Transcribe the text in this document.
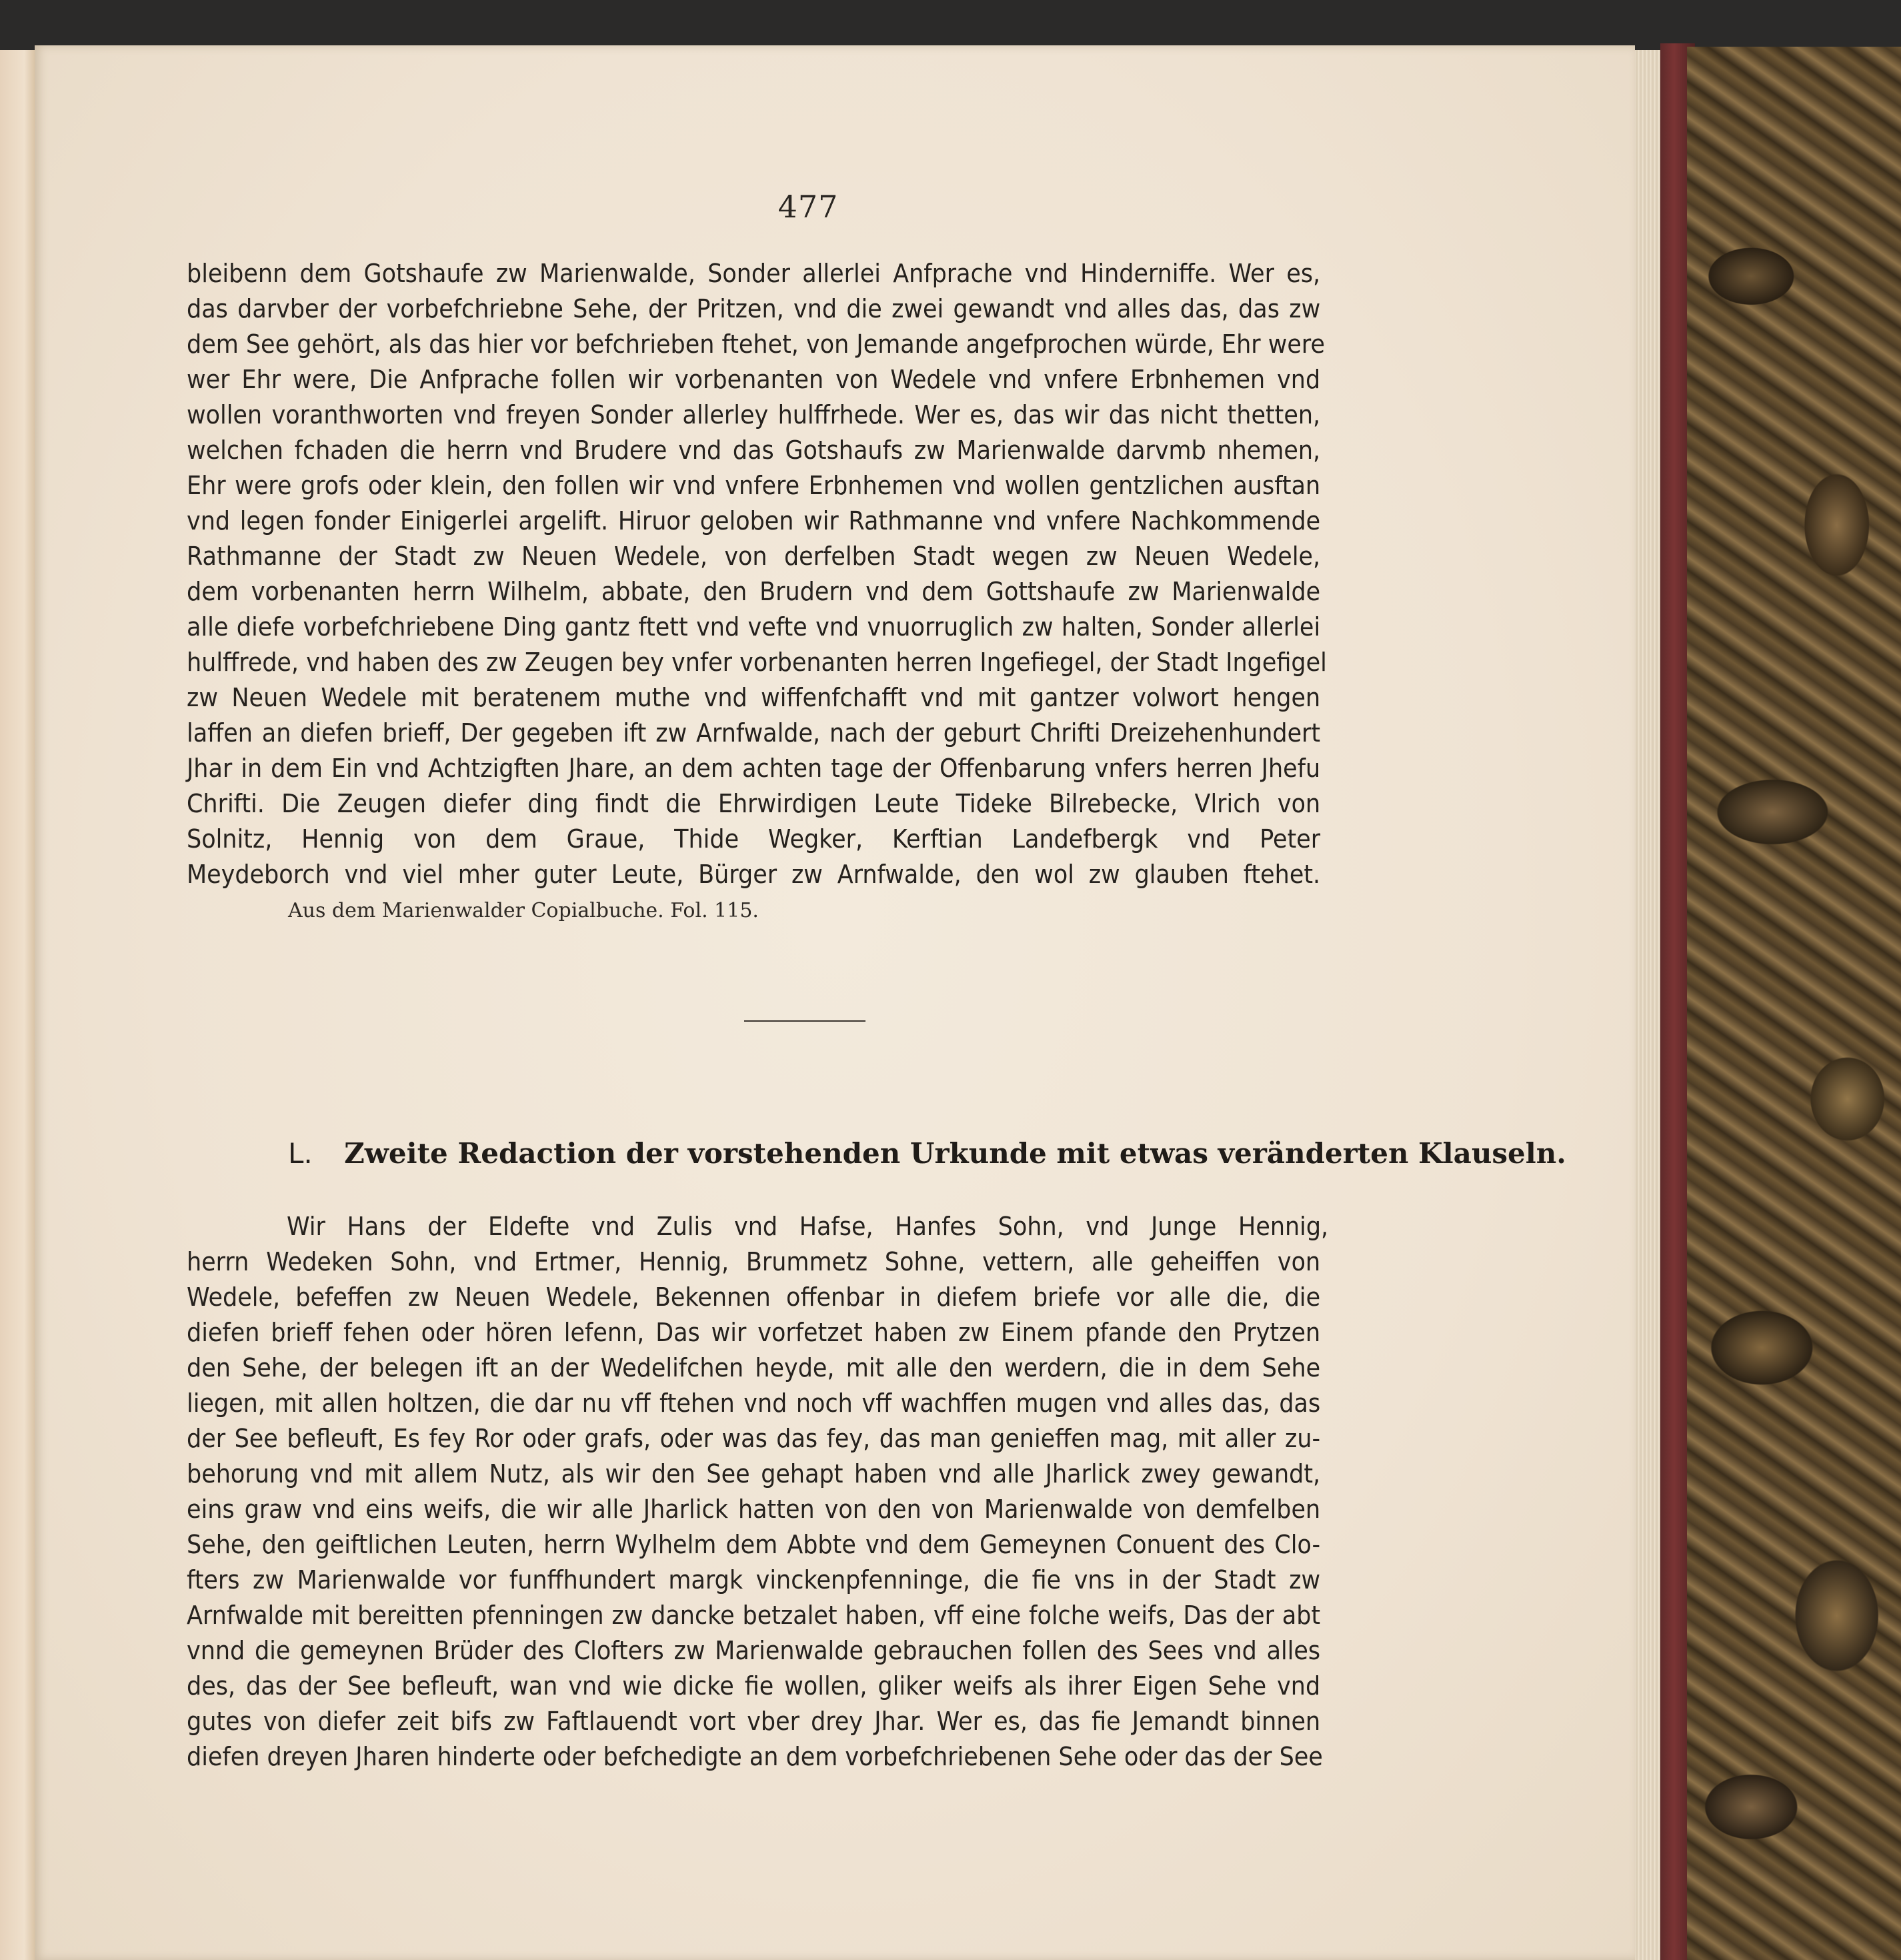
477
bleibenn dem Gotshaufe zw Marienwalde, Sonder allerlei Anfprache vnd Hinderniffe. Wer es,
das darvber der vorbefchriebne Sehe, der Pritzen, vnd die zwei gewandt vnd alles das, das zw
dem See gehört, als das hier vor befchrieben ftehet, von Jemande angefprochen würde, Ehr were
wer Ehr were, Die Anfprache follen wir vorbenanten von Wedele vnd vnfere Erbnhemen vnd
wollen voranthworten vnd freyen Sonder allerley hulffrhede. Wer es, das wir das nicht thetten,
welchen fchaden die herrn vnd Brudere vnd das Gotshaufs zw Marienwalde darvmb nhemen,
Ehr were grofs oder klein, den follen wir vnd vnfere Erbnhemen vnd wollen gentzlichen ausftan
vnd legen fonder Einigerlei argelift. Hiruor geloben wir Rathmanne vnd vnfere Nachkommende
Rathmanne der Stadt zw Neuen Wedele, von derfelben Stadt wegen zw Neuen Wedele,
dem vorbenanten herrn Wilhelm, abbate, den Brudern vnd dem Gottshaufe zw Marienwalde
alle diefe vorbefchriebene Ding gantz ftett vnd vefte vnd vnuorruglich zw halten, Sonder allerlei
hulffrede, vnd haben des zw Zeugen bey vnfer vorbenanten herren Ingefiegel, der Stadt Ingefigel
zw Neuen Wedele mit beratenem muthe vnd wiffenfchafft vnd mit gantzer volwort hengen
laffen an diefen brieff, Der gegeben ift zw Arnfwalde, nach der geburt Chrifti Dreizehenhundert
Jhar in dem Ein vnd Achtzigften Jhare, an dem achten tage der Offenbarung vnfers herren Jhefu
Chrifti. Die Zeugen diefer ding findt die Ehrwirdigen Leute Tideke Bilrebecke, Vlrich von
Solnitz, Hennig von dem Graue, Thide Wegker, Kerftian Landefbergk vnd Peter
Meydeborch vnd viel mher guter Leute, Bürger zw Arnfwalde, den wol zw glauben ftehet.
Aus dem Marienwalder Copialbuche. Fol. 115.
L. Zweite Redaction der vorstehenden Urkunde mit etwas veränderten Klauseln.
Wir Hans der Eldefte vnd Zulis vnd Hafse, Hanfes Sohn, vnd Junge Hennig,
herrn Wedeken Sohn, vnd Ertmer, Hennig, Brummetz Sohne, vettern, alle geheiffen von
Wedele, befeffen zw Neuen Wedele, Bekennen offenbar in diefem briefe vor alle die, die
diefen brieff fehen oder hören lefenn, Das wir vorfetzet haben zw Einem pfande den Prytzen
den Sehe, der belegen ift an der Wedelifchen heyde, mit alle den werdern, die in dem Sehe
liegen, mit allen holtzen, die dar nu vff ftehen vnd noch vff wachffen mugen vnd alles das, das
der See befleuft, Es fey Ror oder grafs, oder was das fey, das man genieffen mag, mit aller zu-
behorung vnd mit allem Nutz, als wir den See gehapt haben vnd alle Jharlick zwey gewandt,
eins graw vnd eins weifs, die wir alle Jharlick hatten von den von Marienwalde von demfelben
Sehe, den geiftlichen Leuten, herrn Wylhelm dem Abbte vnd dem Gemeynen Conuent des Clo-
fters zw Marienwalde vor funffhundert margk vinckenpfenninge, die fie vns in der Stadt zw
Arnfwalde mit bereitten pfenningen zw dancke betzalet haben, vff eine folche weifs, Das der abt
vnnd die gemeynen Brüder des Clofters zw Marienwalde gebrauchen follen des Sees vnd alles
des, das der See befleuft, wan vnd wie dicke fie wollen, gliker weifs als ihrer Eigen Sehe vnd
gutes von diefer zeit bifs zw Faftlauendt vort vber drey Jhar. Wer es, das fie Jemandt binnen
diefen dreyen Jharen hinderte oder befchedigte an dem vorbefchriebenen Sehe oder das der See
